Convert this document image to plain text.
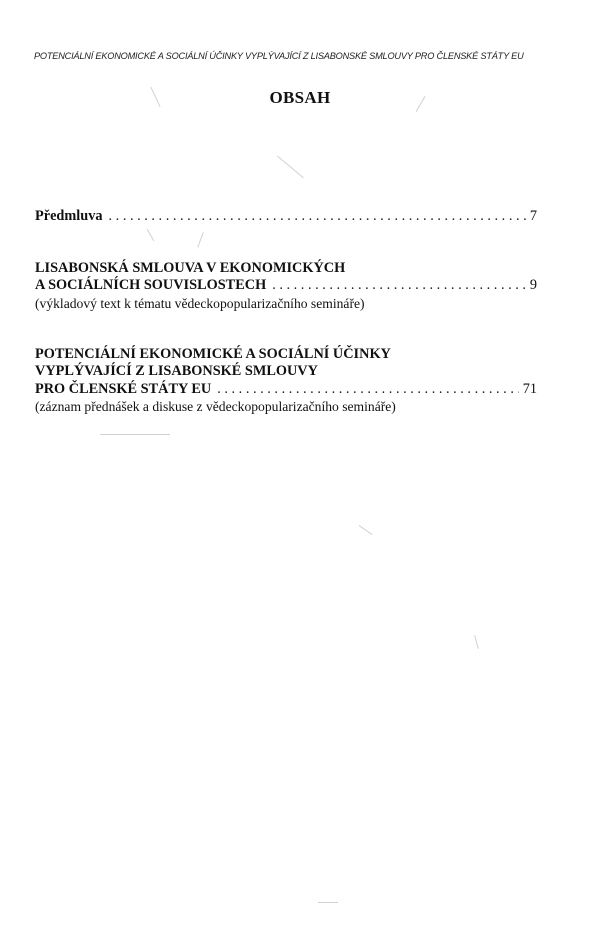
POTENCIÁLNÍ EKONOMICKÉ A SOCIÁLNÍ ÚČINKY VYPLÝVAJÍCÍ Z LISABONSKÉ SMLOUVY PRO ČLENSKÉ STÁTY EU
OBSAH
Předmluva . . .	7
LISABONSKÁ SMLOUVA V EKONOMICKÝCH
A SOCIÁLNÍCH SOUVISLOSTECH . . .	9
(výkladový text k tématu vědeckopopularizačního semináře)
POTENCIÁLNÍ EKONOMICKÉ A SOCIÁLNÍ ÚČINKY
VYPLÝVAJÍCÍ Z LISABONSKÉ SMLOUVY
PRO ČLENSKÉ STÁTY EU . . .	71
(záznam přednášek a diskuse z vědeckopopularizačního semináře)
